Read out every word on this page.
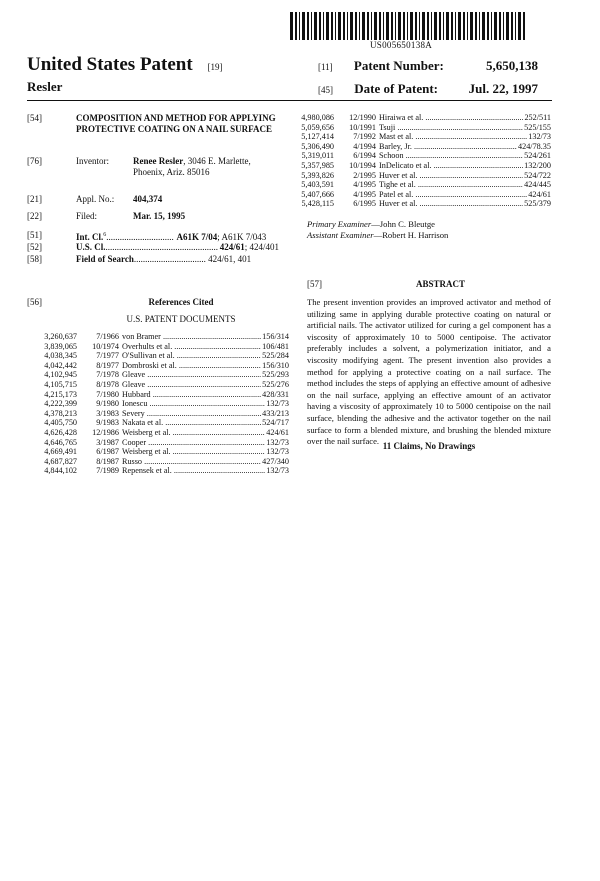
US005650138A
United States Patent [19]
Resler
[11] Patent Number:	5,650,138
[45] Date of Patent: Jul. 22, 1997
[54]	COMPOSITION AND METHOD FOR APPLYING PROTECTIVE COATING ON A NAIL SURFACE
[76]	Inventor:	Renee Resler, 3046 E. Marlette,
Phoenix, Ariz. 85016
[21]	Appl. No.: 404,374
[22]	Filed:	Mar. 15, 1995
[51]	Int. Cl.$^6$ .....	A61K 7/04; A61K 7/043
[52]	U.S. Cl. .....	424/61; 424/401
[58]	Field of Search .....	424/61, 401
[56]	References Cited
U.S. PATENT DOCUMENTS
3,260,637	7/1966 von Bramer .....	156/314
3,839,065	10/1974 Overhults et al. .....	106/481
4,038,345	7/1977 O'Sullivan et al. .....	525/284
4,042,442	8/1977 Dombroski et al. .....	156/310
4,102,945	7/1978 Gleave .....	525/293
4,105,715	8/1978 Gleave .....	525/276
4,215,173	7/1980 Hubbard .....	428/331
4,222,399	9/1980 Ionescu .....	132/73
4,378,213	3/1983 Severy .....	433/213
4,405,750	9/1983 Nakata et al. .....	524/717
4,626,428	12/1986 Weisberg et al. .....	424/61
4,646,765	3/1987 Cooper .....	132/73
4,669,491	6/1987 Weisberg et al. .....	132/73
4,687,827	8/1987 Russo .....	427/340
4,844,102	7/1989 Repensek et al. .....	132/73
4,980,086	12/1990 Hiraiwa et al. .....	252/511
5,059,656	10/1991 Tsuji .....	525/155
5,127,414	7/1992 Mast et al. .....	132/73
5,306,490	4/1994 Barley, Jr. .....	424/78.35
5,319,011	6/1994 Schoon .....	524/261
5,357,985	10/1994 InDelicato et al. .....	132/200
5,393,826	2/1995 Huver et al. .....	524/722
5,403,591	4/1995 Tighe et al. .....	424/445
5,407,666	4/1995 Patel et al. .....	424/61
5,428,115	6/1995 Huver et al. .....	525/379
Primary Examiner—John C. Bleutge
Assistant Examiner—Robert H. Harrison
[57]	ABSTRACT
The present invention provides an improved activator and method of utilizing same in applying durable protective coating on natural or artificial nails. The activator utilized for curing a gel component has a viscosity of approximately 10 to 5000 centipoise. The activator preferably includes a solvent, a polymerization initiator, and a viscosity modifying agent. The present invention also provides a method for applying a protective coating on a nail surface. The method includes the steps of applying an effective amount of adhesive on the nail surface, applying an effective amount of an activator having a viscosity of approximately 10 to 5000 centipoise on the nail surface, blending the adhesive and the activator together on the nail surface to form a blended mixture, and brushing the blended mixture over the nail surface. 11 Claims, No Drawings
